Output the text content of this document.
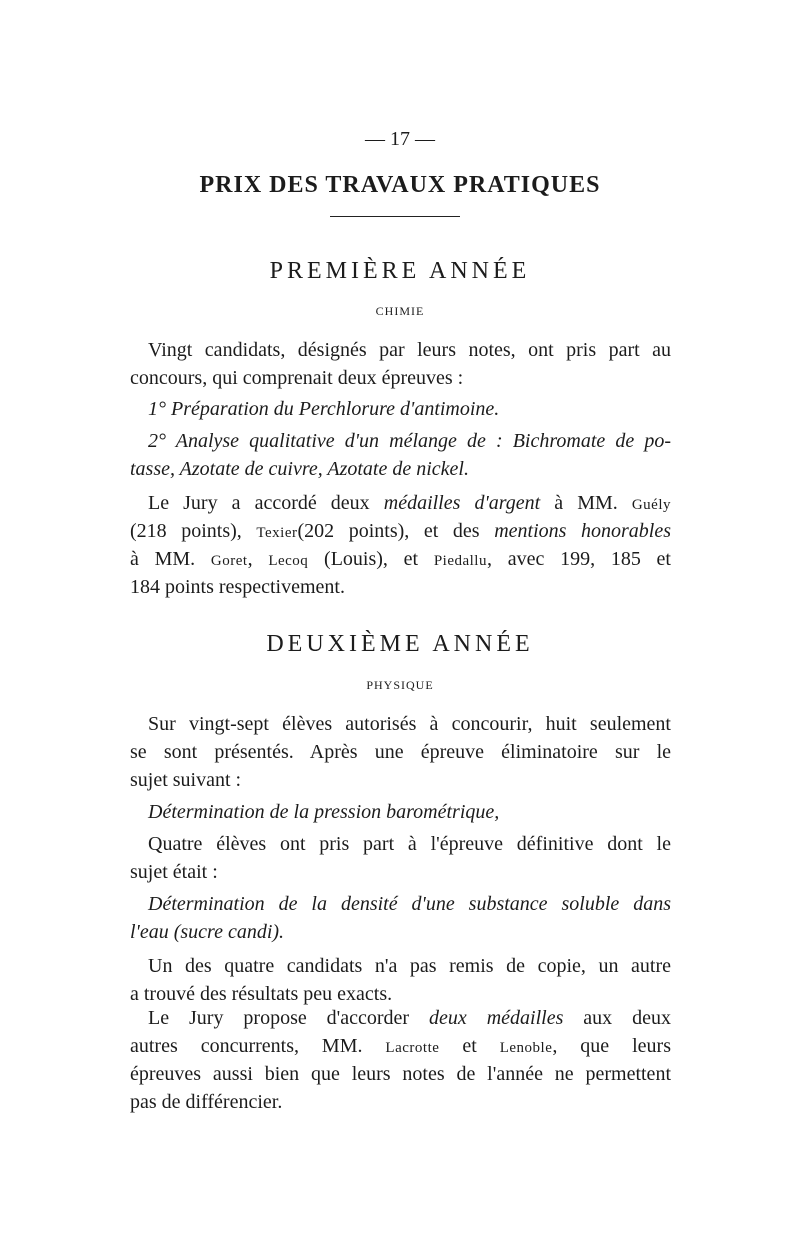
— 17 —
PRIX DES TRAVAUX PRATIQUES
PREMIÈRE ANNÉE
CHIMIE
Vingt candidats, désignés par leurs notes, ont pris part au
concours, qui comprenait deux épreuves :
1° Préparation du Perchlorure d'antimoine.
2° Analyse qualitative d'un mélange de : Bichromate de po-
tasse, Azotate de cuivre, Azotate de nickel.
Le Jury a accordé deux médailles d'argent à MM. Guély
(218 points), Texier(202 points), et des mentions honorables
à MM. Goret, Lecoq (Louis), et Piedallu, avec 199, 185 et
184 points respectivement.
DEUXIÈME ANNÉE
PHYSIQUE
Sur vingt-sept élèves autorisés à concourir, huit seulement
se sont présentés. Après une épreuve éliminatoire sur le
sujet suivant :
Détermination de la pression barométrique,
Quatre élèves ont pris part à l'épreuve définitive dont le
sujet était :
Détermination de la densité d'une substance soluble dans
l'eau (sucre candi).
Un des quatre candidats n'a pas remis de copie, un autre
a trouvé des résultats peu exacts.
Le Jury propose d'accorder deux médailles aux deux
autres concurrents, MM. Lacrotte et Lenoble, que leurs
épreuves aussi bien que leurs notes de l'année ne permettent
pas de différencier.
